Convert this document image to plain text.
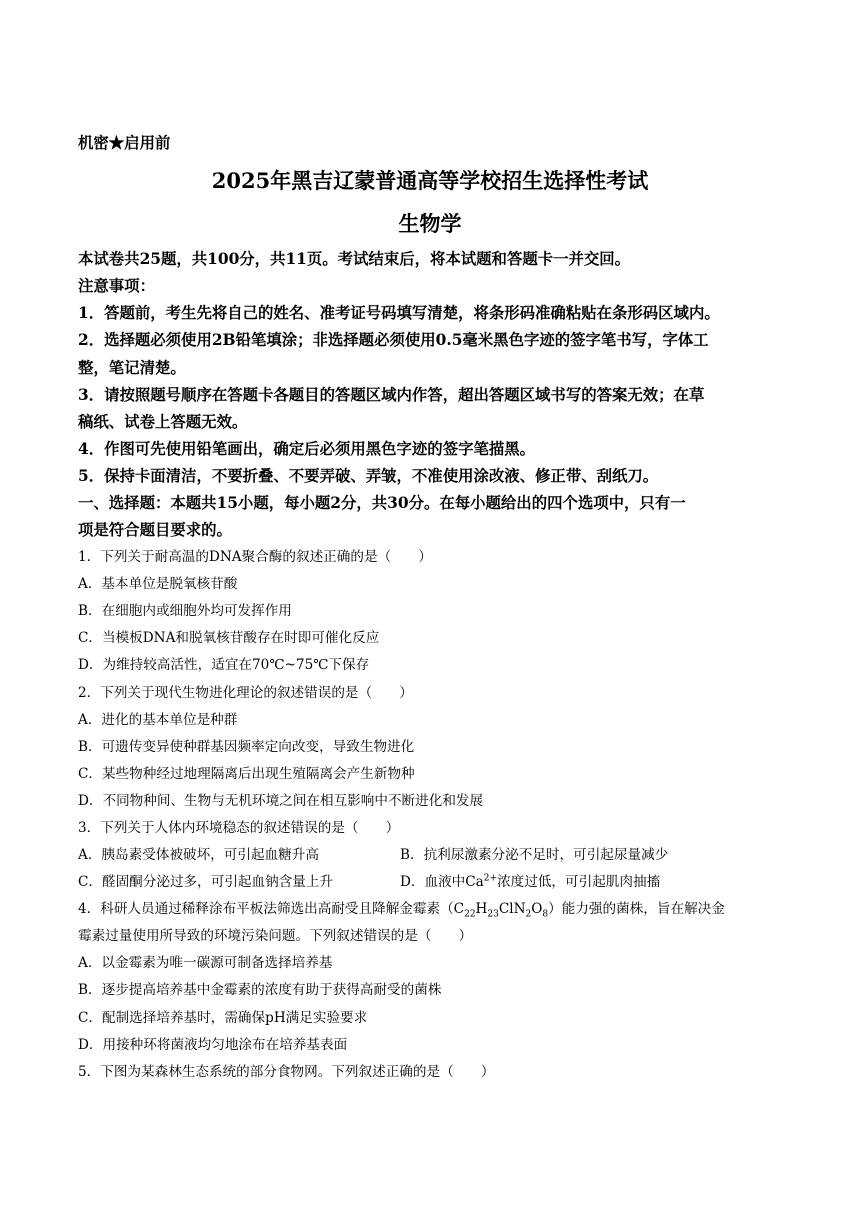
机密★启用前
2025年黑吉辽蒙普通高等学校招生选择性考试
生物学
本试卷共25题，共100分，共11页。考试结束后，将本试题和答题卡一并交回。
注意事项：
1．答题前，考生先将自己的姓名、准考证号码填写清楚，将条形码准确粘贴在条形码区域内。
2．选择题必须使用2B铅笔填涂；非选择题必须使用0.5毫米黑色字迹的签字笔书写，字体工
整，笔记清楚。
3．请按照题号顺序在答题卡各题目的答题区域内作答，超出答题区域书写的答案无效；在草
稿纸、试卷上答题无效。
4．作图可先使用铅笔画出，确定后必须用黑色字迹的签字笔描黑。
5．保持卡面清洁，不要折叠、不要弄破、弄皱，不准使用涂改液、修正带、刮纸刀。
一、选择题：本题共15小题，每小题2分，共30分。在每小题给出的四个选项中，只有一
项是符合题目要求的。
1．下列关于耐高温的DNA聚合酶的叙述正确的是（　　）
A．基本单位是脱氧核苷酸
B．在细胞内或细胞外均可发挥作用
C．当模板DNA和脱氧核苷酸存在时即可催化反应
D．为维持较高活性，适宜在70℃~75℃下保存
2．下列关于现代生物进化理论的叙述错误的是（　　）
A．进化的基本单位是种群
B．可遗传变异使种群基因频率定向改变，导致生物进化
C．某些物种经过地理隔离后出现生殖隔离会产生新物种
D．不同物种间、生物与无机环境之间在相互影响中不断进化和发展
3．下列关于人体内环境稳态的叙述错误的是（　　）
A．胰岛素受体被破坏，可引起血糖升高	B．抗利尿激素分泌不足时，可引起尿量减少
C．醛固酮分泌过多，可引起血钠含量上升	D．血液中$Ca^{2+}$浓度过低，可引起肌肉抽搐
4．科研人员通过稀释涂布平板法筛选出高耐受且降解金霉素$(C_{22}H_{23}ClN_2O_8)$能力强的菌株，旨在解决金
霉素过量使用所导致的环境污染问题。下列叙述错误的是（　　）
A．以金霉素为唯一碳源可制备选择培养基
B．逐步提高培养基中金霉素的浓度有助于获得高耐受的菌株
C．配制选择培养基时，需确保pH满足实验要求
D．用接种环将菌液均匀地涂布在培养基表面
5．下图为某森林生态系统的部分食物网。下列叙述正确的是（　　）
